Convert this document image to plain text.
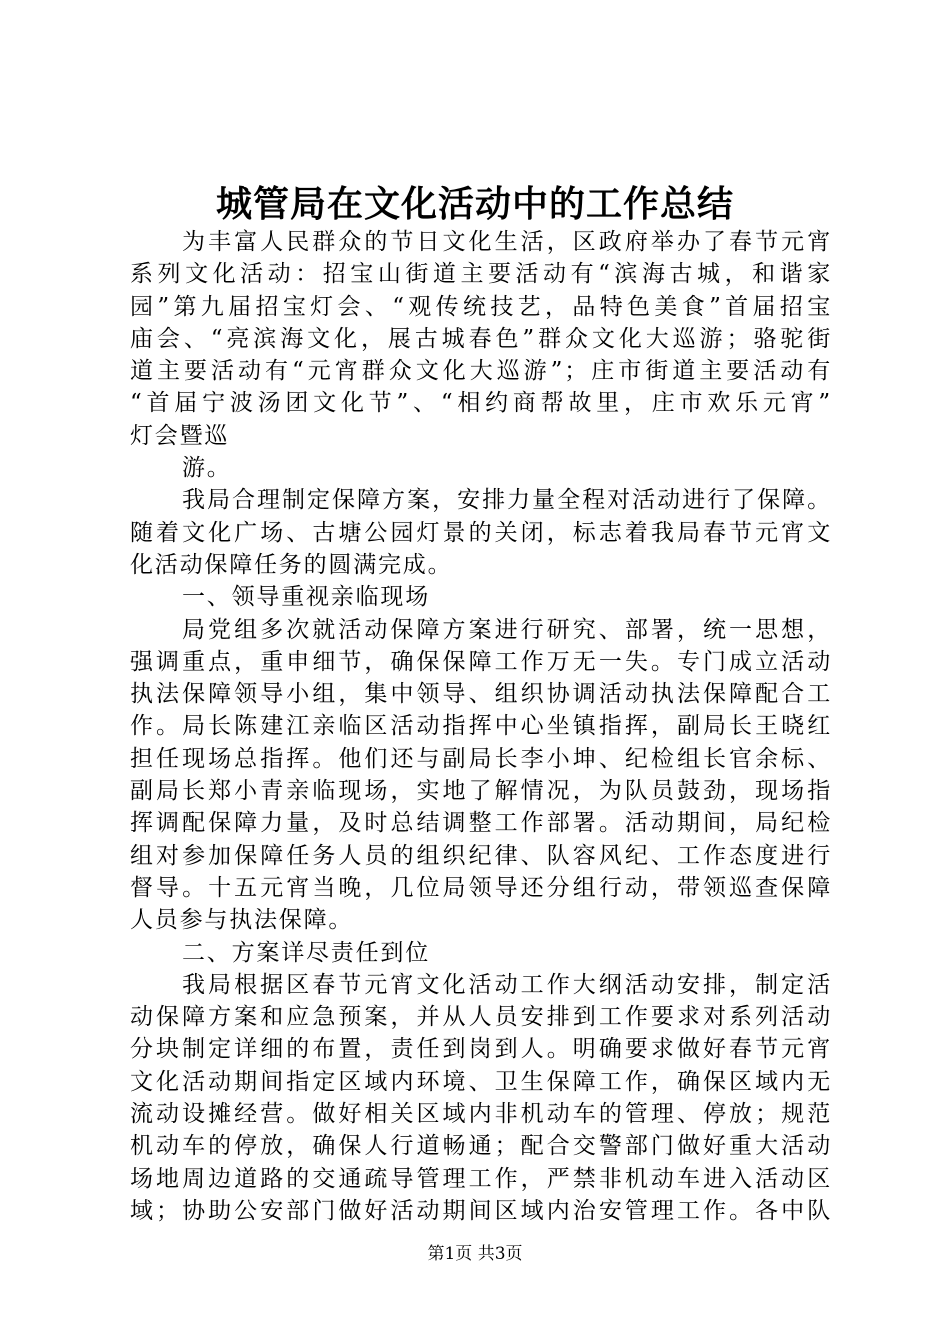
城管局在文化活动中的工作总结
为丰富人民群众的节日文化生活，区政府举办了春节元宵
系列文化活动：招宝山街道主要活动有“滨海古城，和谐家
园”第九届招宝灯会、“观传统技艺，品特色美食”首届招宝
庙会、“亮滨海文化，展古城春色”群众文化大巡游；骆驼街
道主要活动有“元宵群众文化大巡游”；庄市街道主要活动有
“首届宁波汤团文化节”、“相约商帮故里，庄市欢乐元宵”
灯会暨巡
游。
我局合理制定保障方案，安排力量全程对活动进行了保障。
随着文化广场、古塘公园灯景的关闭，标志着我局春节元宵文
化活动保障任务的圆满完成。
一、领导重视亲临现场
局党组多次就活动保障方案进行研究、部署，统一思想，
强调重点，重申细节，确保保障工作万无一失。专门成立活动
执法保障领导小组，集中领导、组织协调活动执法保障配合工
作。局长陈建江亲临区活动指挥中心坐镇指挥，副局长王晓红
担任现场总指挥。他们还与副局长李小坤、纪检组长官余标、
副局长郑小青亲临现场，实地了解情况，为队员鼓劲，现场指
挥调配保障力量，及时总结调整工作部署。活动期间，局纪检
组对参加保障任务人员的组织纪律、队容风纪、工作态度进行
督导。十五元宵当晚，几位局领导还分组行动，带领巡查保障
人员参与执法保障。
二、方案详尽责任到位
我局根据区春节元宵文化活动工作大纲活动安排，制定活
动保障方案和应急预案，并从人员安排到工作要求对系列活动
分块制定详细的布置，责任到岗到人。明确要求做好春节元宵
文化活动期间指定区域内环境、卫生保障工作，确保区域内无
流动设摊经营。做好相关区域内非机动车的管理、停放；规范
机动车的停放，确保人行道畅通；配合交警部门做好重大活动
场地周边道路的交通疏导管理工作，严禁非机动车进入活动区
域；协助公安部门做好活动期间区域内治安管理工作。各中队
第1页 共3页
